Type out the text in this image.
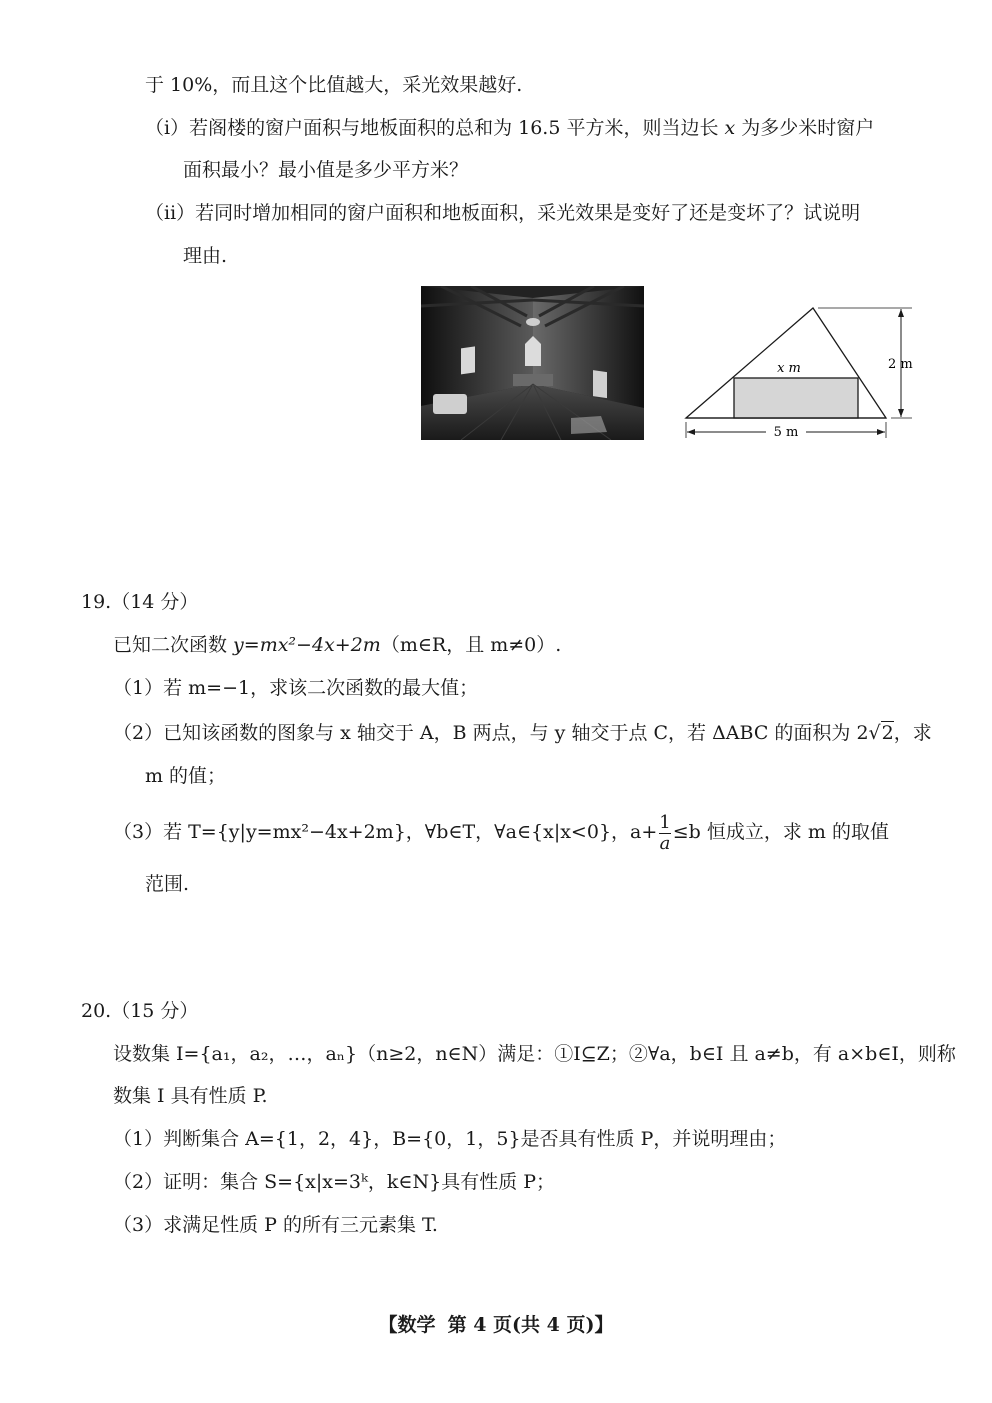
于 10%，而且这个比值越大，采光效果越好.
（ⅰ）若阁楼的窗户面积与地板面积的总和为 16.5 平方米，则当边长 x 为多少米时窗户
面积最小？最小值是多少平方米？
（ⅱ）若同时增加相同的窗户面积和地板面积，采光效果是变好了还是变坏了？试说明
理由.
x m	2 m
5 m
19.（14 分）
已知二次函数 y=mx²−4x+2m（m∈R，且 m≠0）.
（1）若 m=−1，求该二次函数的最大值；
（2）已知该函数的图象与 x 轴交于 A，B 两点，与 y 轴交于点 C，若 ΔABC 的面积为 2√2，求
m 的值；
（3）若 T={y|y=mx²−4x+2m}，∀b∈T，∀a∈{x|x<0}，$a+ \frac{1}{a} \le b$ 恒成立，求 m 的取值
范围.
20.（15 分）
设数集 I={a₁，a₂，…，aₙ}（n≥2，n∈N）满足：①I⊆Z；②∀a，b∈I 且 a≠b，有 a×b∈I，则称
数集 I 具有性质 P.
（1）判断集合 A={1，2，4}，B={0，1，5}是否具有性质 P，并说明理由；
（2）证明：集合 S={x|x=3ᵏ，k∈N}具有性质 P；
（3）求满足性质 P 的所有三元素集 T.
【数学 第 4 页(共 4 页)】
